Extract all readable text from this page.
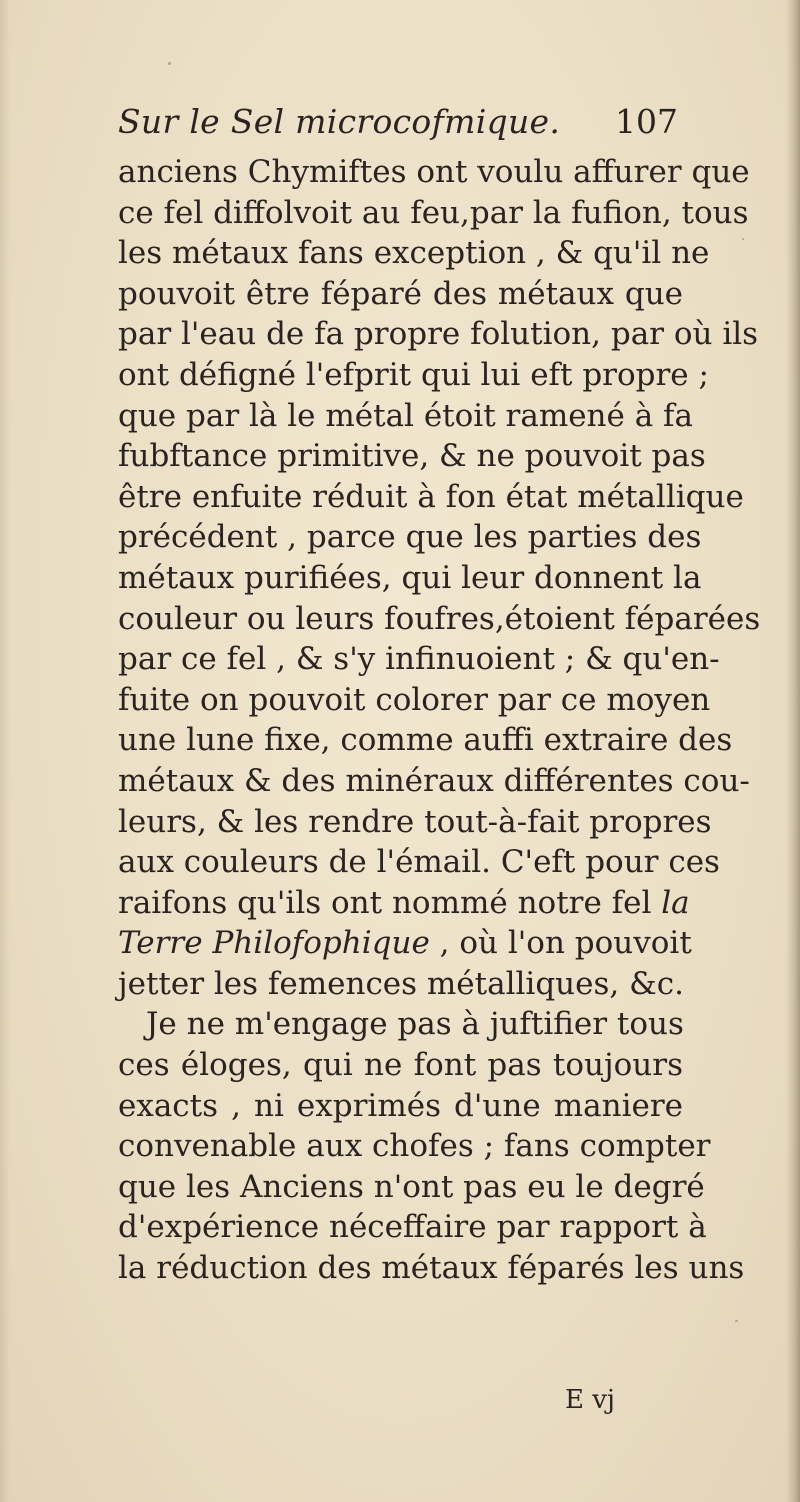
Sur le Sel microcofmique. 107
anciens Chymiftes ont voulu affurer que
ce fel diffolvoit au feu,par la fufion, tous
les métaux fans exception , & qu'il ne
pouvoit être féparé des métaux que
par l'eau de fa propre folution, par où ils
ont défigné l'efprit qui lui eft propre ;
que par là le métal étoit ramené à fa
fubftance primitive, & ne pouvoit pas
être enfuite réduit à fon état métallique
précédent , parce que les parties des
métaux purifiées, qui leur donnent la
couleur ou leurs foufres,étoient féparées
par ce fel , & s'y infinuoient ; & qu'en-
fuite on pouvoit colorer par ce moyen
une lune fixe, comme auffi extraire des
métaux & des minéraux différentes cou-
leurs, & les rendre tout-à-fait propres
aux couleurs de l'émail. C'eft pour ces
raifons qu'ils ont nommé notre fel la
Terre Philofophique , où l'on pouvoit
jetter les femences métalliques, &c.
Je ne m'engage pas à juftifier tous
ces éloges, qui ne font pas toujours
exacts , ni exprimés d'une maniere
convenable aux chofes ; fans compter
que les Anciens n'ont pas eu le degré
d'expérience néceffaire par rapport à
la réduction des métaux féparés les uns
E vj
